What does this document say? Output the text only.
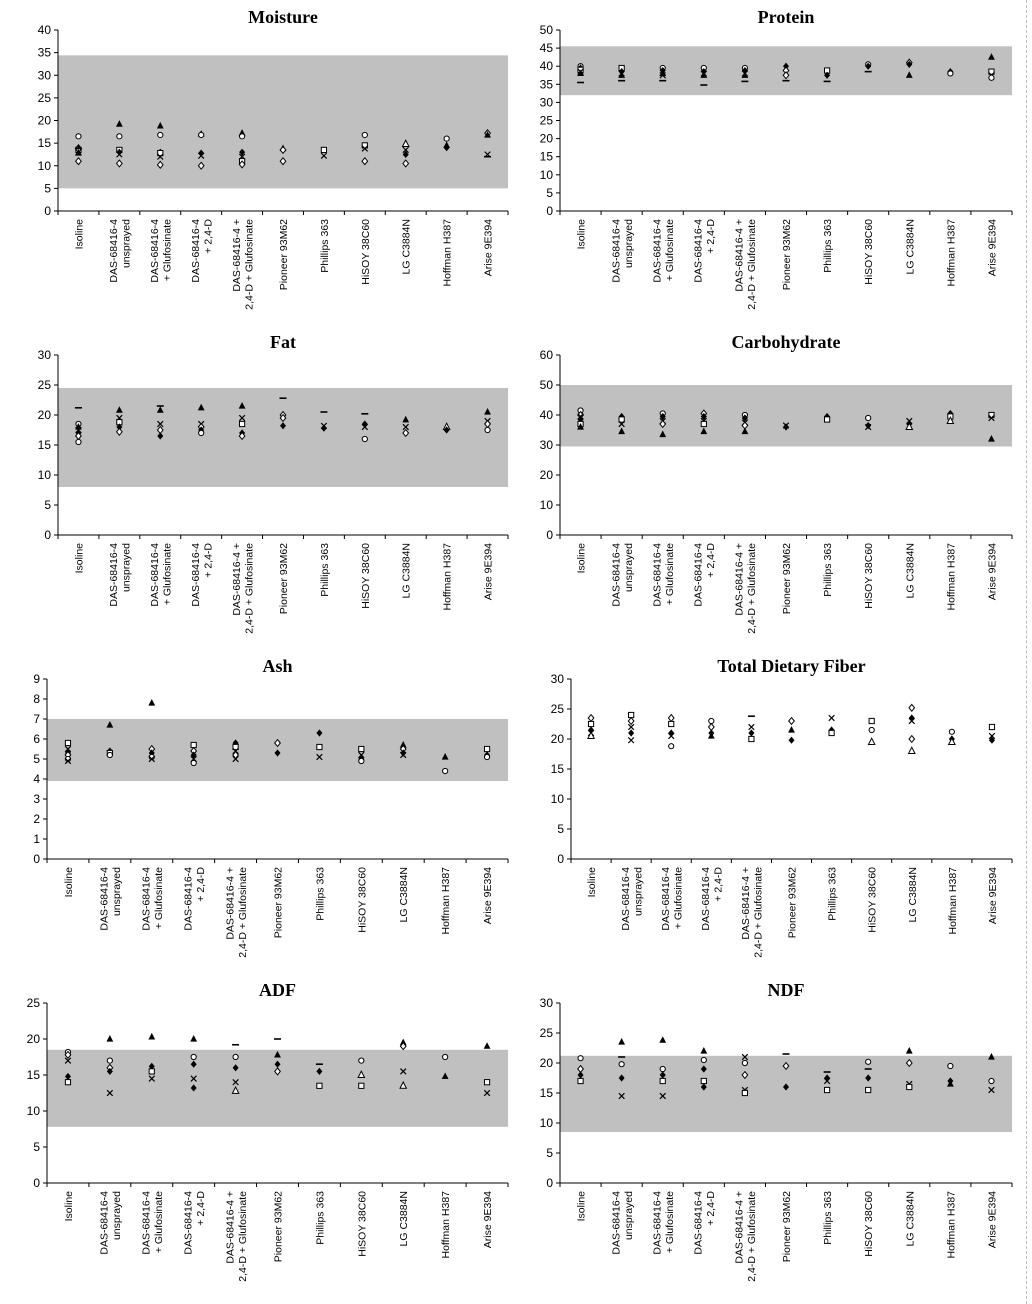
0
5
10
15
20
25
30
35
40
Isoline DAS-68416-4unsprayed DAS-68416-4+ Glufosinate DAS-68416-4+ 2,4-D DAS-68416-4 +2,4-D + Glufosinate Pioneer 93M62	Phillips 363	HiSOY 38C60	LG C3884N	Hoffman H387	Arise 9E394
Moisture
0
5
10
15
20
25
30
35
40
45
50
Isoline DAS-68416-4unsprayed DAS-68416-4+ Glufosinate DAS-68416-4+ 2,4-D DAS-68416-4 +2,4-D + Glufosinate Pioneer 93M62	Phillips 363	HiSOY 38C60	LG C3884N	Hoffman H387	Arise 9E394
Protein
0
5
10
15
20
25
30
Isoline DAS-68416-4unsprayed DAS-68416-4+ Glufosinate DAS-68416-4+ 2,4-D DAS-68416-4 +2,4-D + Glufosinate Pioneer 93M62	Phillips 363	HiSOY 38C60	LG C3884N	Hoffman H387	Arise 9E394
Fat
0
10
20
30
40
50
60
Isoline DAS-68416-4unsprayed DAS-68416-4+ Glufosinate DAS-68416-4+ 2,4-D DAS-68416-4 +2,4-D + Glufosinate Pioneer 93M62	Phillips 363	HiSOY 38C60	LG C3884N	Hoffman H387	Arise 9E394
Carbohydrate
0
1
2
3
4
5
6
7
8
9
Isoline DAS-68416-4unsprayed DAS-68416-4+ Glufosinate DAS-68416-4+ 2,4-D DAS-68416-4 +2,4-D + Glufosinate Pioneer 93M62	Phillips 363	HiSOY 38C60	LG C3884N	Hoffman H387	Arise 9E394
Ash
0
5
10
15
20
25
30
Isoline DAS-68416-4unsprayed DAS-68416-4+ Glufosinate DAS-68416-4+ 2,4-D DAS-68416-4 +2,4-D + Glufosinate Pioneer 93M62	Phillips 363	HiSOY 38C60	LG C3884N	Hoffman H387	Arise 9E394
Total Dietary Fiber
0
5
10
15
20
25
Isoline DAS-68416-4unsprayed DAS-68416-4+ Glufosinate DAS-68416-4+ 2,4-D DAS-68416-4 +2,4-D + Glufosinate Pioneer 93M62	Phillips 363	HiSOY 38C60	LG C3884N	Hoffman H387	Arise 9E394
ADF
0
5
10
15
20
25
30
Isoline DAS-68416-4unsprayed DAS-68416-4+ Glufosinate DAS-68416-4+ 2,4-D DAS-68416-4 +2,4-D + Glufosinate Pioneer 93M62	Phillips 363	HiSOY 38C60	LG C3884N	Hoffman H387	Arise 9E394
NDF
